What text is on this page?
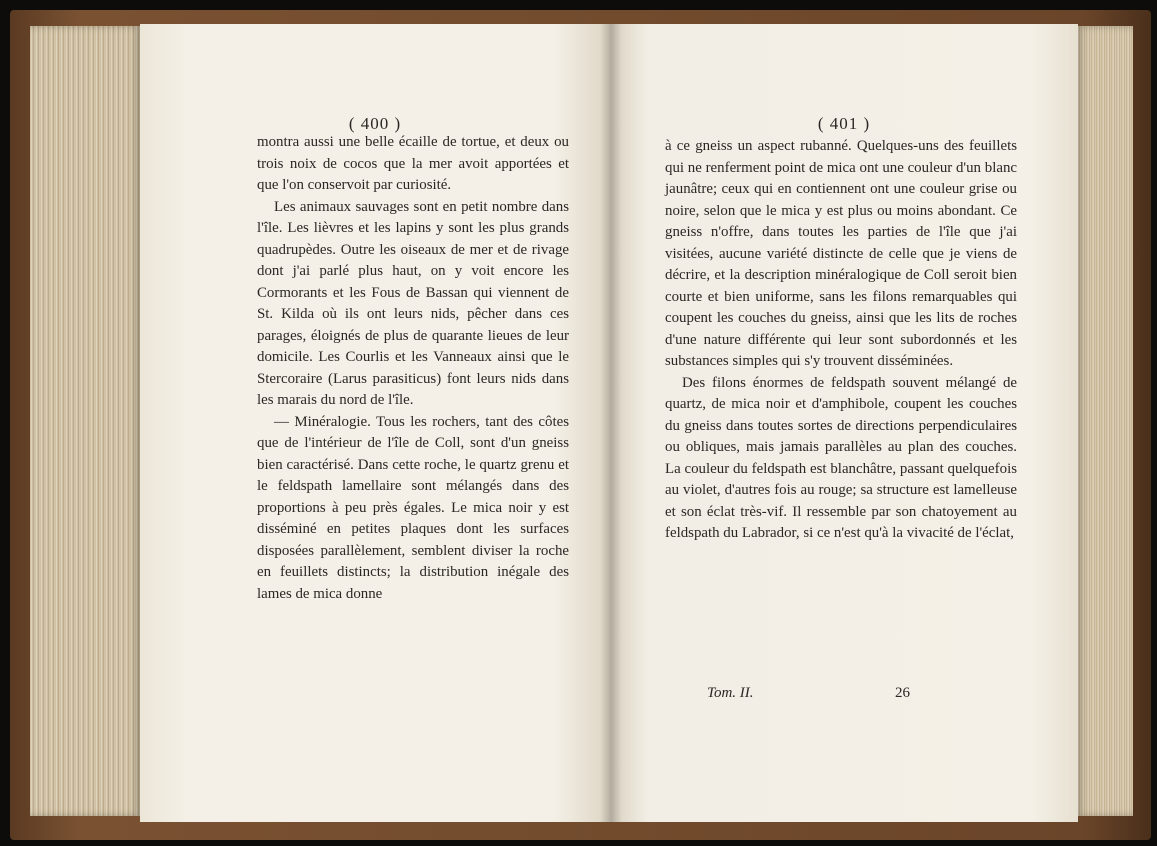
( 400 )

montra aussi une belle écaille de tortue, et deux ou trois noix de cocos que la mer avoit apportées et que l'on conservoit par curiosité.

Les animaux sauvages sont en petit nombre dans l'île. Les lièvres et les lapins y sont les plus grands quadrupèdes. Outre les oiseaux de mer et de rivage dont j'ai parlé plus haut, on y voit encore les Cormorants et les Fous de Bassan qui viennent de St. Kilda où ils ont leurs nids, pêcher dans ces parages, éloignés de plus de quarante lieues de leur domicile. Les Courlis et les Vanneaux ainsi que le Stercoraire (Larus parasiticus) font leurs nids dans les marais du nord de l'île.

— Minéralogie. Tous les rochers, tant des côtes que de l'intérieur de l'île de Coll, sont d'un gneiss bien caractérisé. Dans cette roche, le quartz grenu et le feldspath lamellaire sont mélangés dans des proportions à peu près égales. Le mica noir y est disséminé en petites plaques dont les surfaces disposées parallèlement, semblent diviser la roche en feuillets distincts; la distribution inégale des lames de mica donne

( 401 )

à ce gneiss un aspect rubanné. Quelques-uns des feuillets qui ne renferment point de mica ont une couleur d'un blanc jaunâtre; ceux qui en contiennent ont une couleur grise ou noire, selon que le mica y est plus ou moins abondant. Ce gneiss n'offre, dans toutes les parties de l'île que j'ai visitées, aucune variété distincte de celle que je viens de décrire, et la description minéralogique de Coll seroit bien courte et bien uniforme, sans les filons remarquables qui coupent les couches du gneiss, ainsi que les lits de roches d'une nature différente qui leur sont subordonnés et les substances simples qui s'y trouvent disséminées.

Des filons énormes de feldspath souvent mélangé de quartz, de mica noir et d'amphibole, coupent les couches du gneiss dans toutes sortes de directions perpendiculaires ou obliques, mais jamais parallèles au plan des couches. La couleur du feldspath est blanchâtre, passant quelquefois au violet, d'autres fois au rouge; sa structure est lamelleuse et son éclat très-vif. Il ressemble par son chatoyement au feldspath du Labrador, si ce n'est qu'à la vivacité de l'éclat,

Tom. II.	26
